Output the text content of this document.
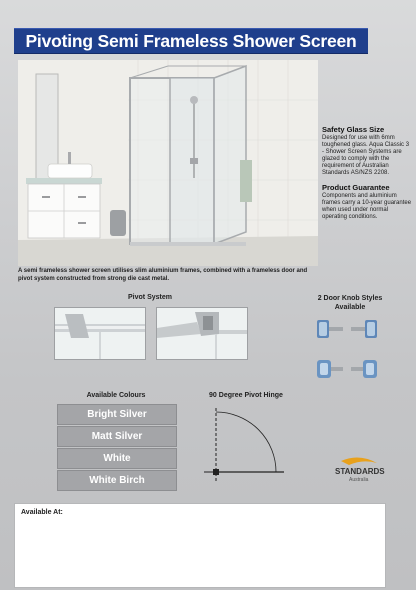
Pivoting Semi Frameless Shower Screen
Safety Glass Size

Designed for use with 6mm toughened glass. Aqua Classic 3 - Shower Screen Systems are glazed to comply with the requirement of Australian Standards AS/NZS 2208.

Product Guarantee

Components and aluminium frames carry a 10-year guarantee when used under normal operating conditions.

A semi frameless shower screen utilises slim aluminium frames, combined with a frameless door and pivot system constructed from strong die cast metal.
Pivot System	2 Door Knob Styles Available
Available Colours
Bright Silver
Matt Silver
White
White Birch
90 Degree Pivot Hinge
STANDARDS
Australia
Available At:
